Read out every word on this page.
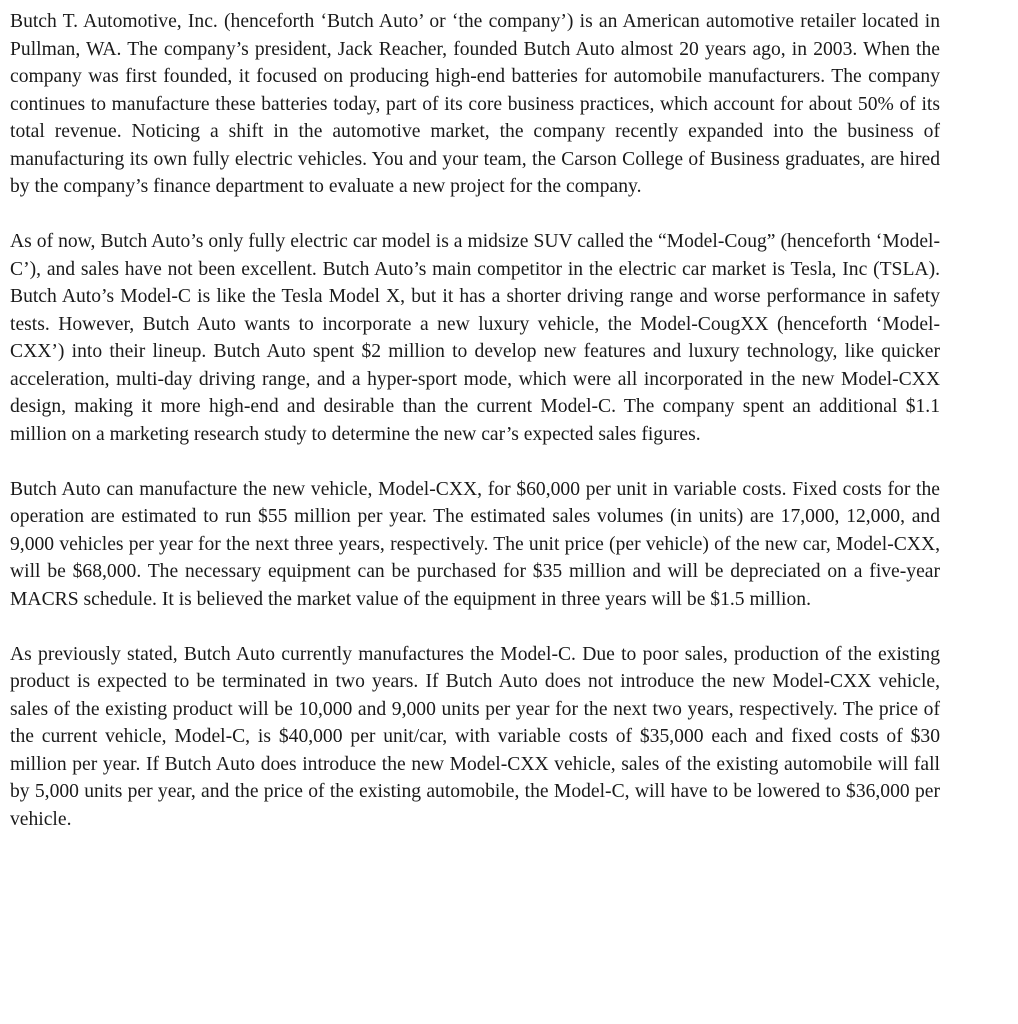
Butch T. Automotive, Inc. (henceforth ‘Butch Auto’ or ‘the company’) is an American automotive retailer located in Pullman, WA. The company’s president, Jack Reacher, founded Butch Auto almost 20 years ago, in 2003. When the company was first founded, it focused on producing high-end batteries for automobile manufacturers. The company continues to manufacture these batteries today, part of its core business practices, which account for about 50% of its total revenue. Noticing a shift in the automotive market, the company recently expanded into the business of manufacturing its own fully electric vehicles. You and your team, the Carson College of Business graduates, are hired by the company’s finance department to evaluate a new project for the company.

As of now, Butch Auto’s only fully electric car model is a midsize SUV called the “Model-Coug” (henceforth ‘Model-C’), and sales have not been excellent. Butch Auto’s main competitor in the electric car market is Tesla, Inc (TSLA). Butch Auto’s Model-C is like the Tesla Model X, but it has a shorter driving range and worse performance in safety tests. However, Butch Auto wants to incorporate a new luxury vehicle, the Model-CougXX (henceforth ‘Model-CXX’) into their lineup. Butch Auto spent $2 million to develop new features and luxury technology, like quicker acceleration, multi-day driving range, and a hyper-sport mode, which were all incorporated in the new Model-CXX design, making it more high-end and desirable than the current Model-C. The company spent an additional $1.1 million on a marketing research study to determine the new car’s expected sales figures.

Butch Auto can manufacture the new vehicle, Model-CXX, for $60,000 per unit in variable costs. Fixed costs for the operation are estimated to run $55 million per year. The estimated sales volumes (in units) are 17,000, 12,000, and 9,000 vehicles per year for the next three years, respectively. The unit price (per vehicle) of the new car, Model-CXX, will be $68,000. The necessary equipment can be purchased for $35 million and will be depreciated on a five-year MACRS schedule. It is believed the market value of the equipment in three years will be $1.5 million.

As previously stated, Butch Auto currently manufactures the Model-C. Due to poor sales, production of the existing product is expected to be terminated in two years. If Butch Auto does not introduce the new Model-CXX vehicle, sales of the existing product will be 10,000 and 9,000 units per year for the next two years, respectively. The price of the current vehicle, Model-C, is $40,000 per unit/car, with variable costs of $35,000 each and fixed costs of $30 million per year. If Butch Auto does introduce the new Model-CXX vehicle, sales of the existing automobile will fall by 5,000 units per year, and the price of the existing automobile, the Model-C, will have to be lowered to $36,000 per vehicle.
